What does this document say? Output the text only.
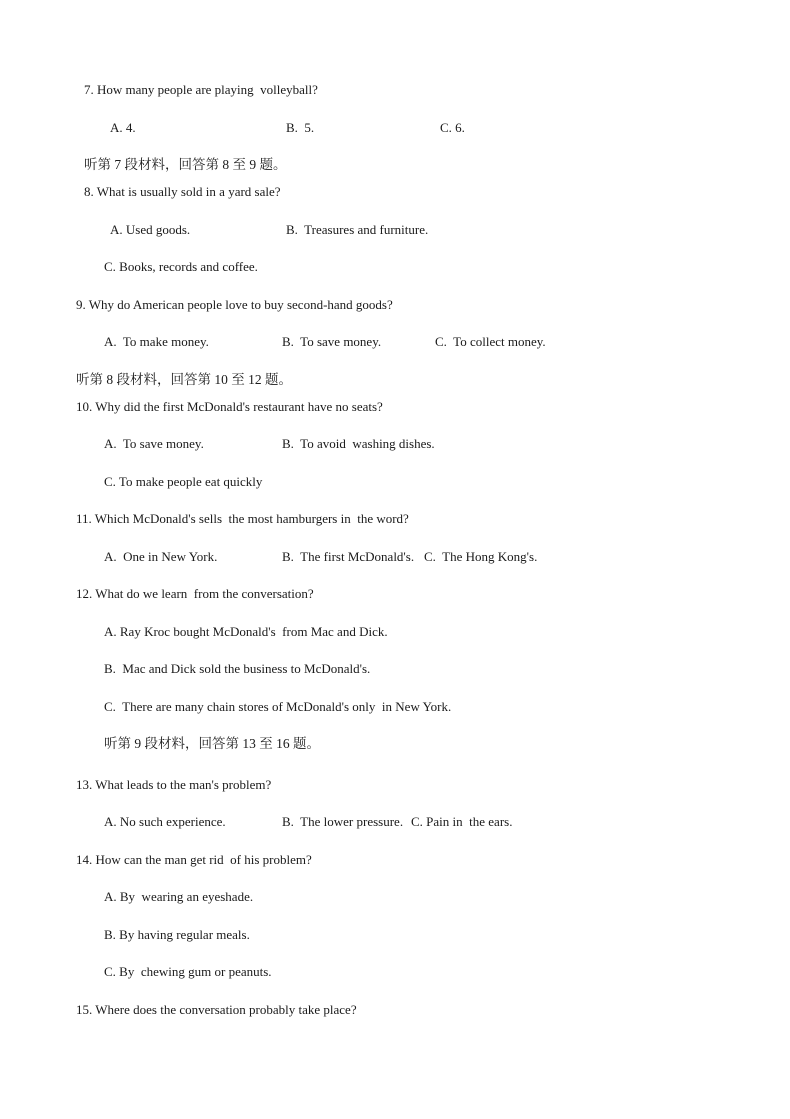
7. How many people are playing  volleyball?
A. 4.	B.  5.	C. 6.
听第 7 段材料，回答第 8 至 9 题。
8. What is usually sold in a yard sale?
A. Used goods.	B.  Treasures and furniture.
C. Books, records and coffee.
9. Why do American people love to buy second-hand goods?
A.  To make money.	B.  To save money.	C.  To collect money.
听第 8 段材料，回答第 10 至 12 题。
10. Why did the first McDonald's restaurant have no seats?
A.  To save money.	B.  To avoid  washing dishes.
C. To make people eat quickly
11. Which McDonald's sells  the most hamburgers in  the word?
A.  One in New York.	B.  The first McDonald's. C.  The Hong Kong's.
12. What do we learn  from the conversation?
A. Ray Kroc bought McDonald's  from Mac and Dick.
B.  Mac and Dick sold the business to McDonald's.
C.  There are many chain stores of McDonald's only  in New York.
听第 9 段材料，回答第 13 至 16 题。
13. What leads to the man's problem?
A. No such experience.	B.  The lower pressure. C. Pain in  the ears.
14. How can the man get rid  of his problem?
A. By  wearing an eyeshade.
B. By having regular meals.
C. By  chewing gum or peanuts.
15. Where does the conversation probably take place?
